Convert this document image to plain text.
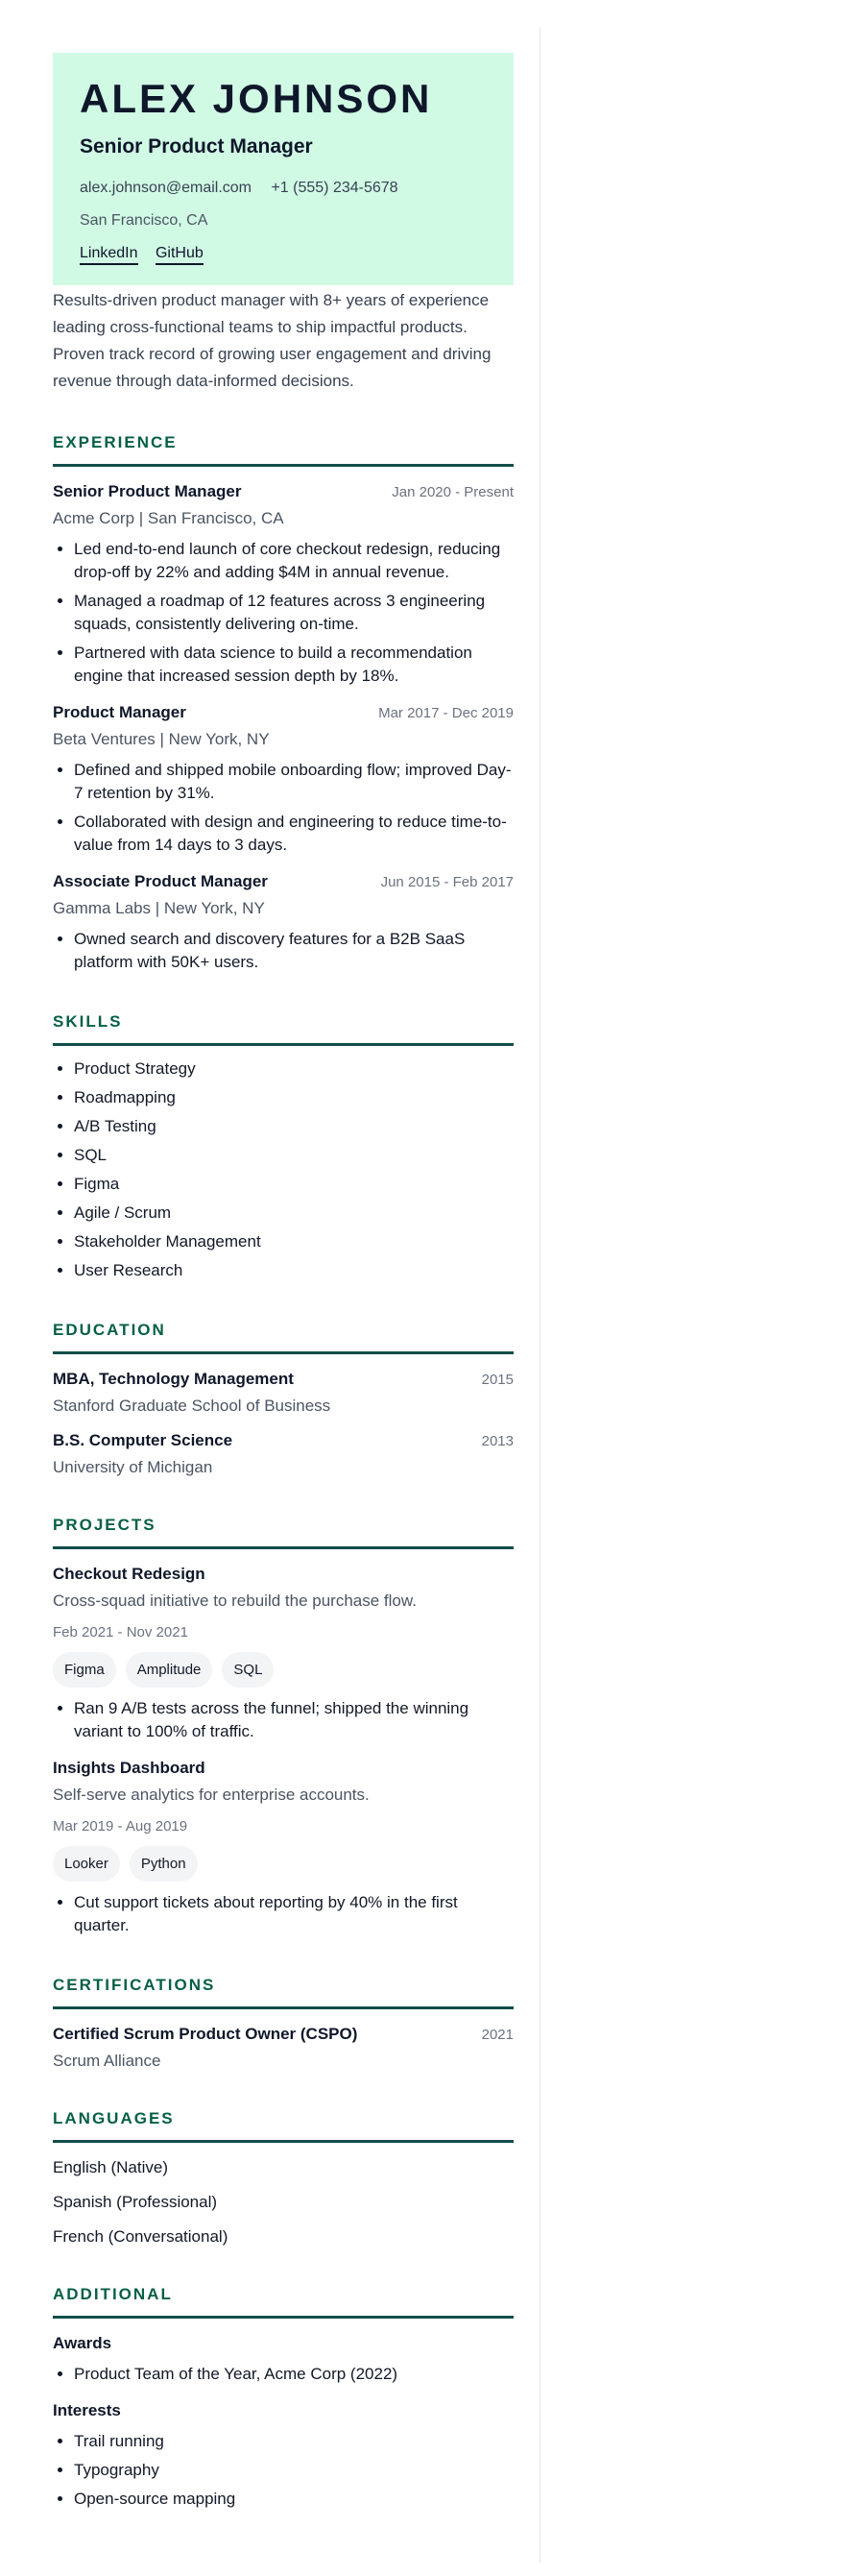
ALEX JOHNSON
Senior Product Manager
alex.johnson@email.com +1 (555) 234-5678
San Francisco, CA
LinkedIn GitHub

Results-driven product manager with 8+ years of experience leading cross-functional teams to ship impactful products. Proven track record of growing user engagement and driving revenue through data-informed decisions.

EXPERIENCE
Senior Product Manager	Jan 2020 - Present
Acme Corp | San Francisco, CA
• Led end-to-end launch of core checkout redesign, reducing drop-off by 22% and adding $4M in annual revenue.
• Managed a roadmap of 12 features across 3 engineering squads, consistently delivering on-time.
• Partnered with data science to build a recommendation engine that increased session depth by 18%.
Product Manager	Mar 2017 - Dec 2019
Beta Ventures | New York, NY
• Defined and shipped mobile onboarding flow; improved Day-7 retention by 31%.
• Collaborated with design and engineering to reduce time-to-value from 14 days to 3 days.
Associate Product Manager	Jun 2015 - Feb 2017
Gamma Labs | New York, NY
• Owned search and discovery features for a B2B SaaS platform with 50K+ users.
SKILLS
• Product Strategy
• Roadmapping
• A/B Testing
• SQL
• Figma
• Agile / Scrum
• Stakeholder Management
• User Research
EDUCATION
MBA, Technology Management	2015
Stanford Graduate School of Business
B.S. Computer Science	2013
University of Michigan
PROJECTS
Checkout Redesign
Cross-squad initiative to rebuild the purchase flow.
Feb 2021 - Nov 2021
Figma	Amplitude	SQL
• Ran 9 A/B tests across the funnel; shipped the winning variant to 100% of traffic.
Insights Dashboard
Self-serve analytics for enterprise accounts.
Mar 2019 - Aug 2019
Looker	Python
• Cut support tickets about reporting by 40% in the first quarter.
CERTIFICATIONS
Certified Scrum Product Owner (CSPO)	2021
Scrum Alliance
LANGUAGES
English (Native)
Spanish (Professional)
French (Conversational)
ADDITIONAL
Awards
• Product Team of the Year, Acme Corp (2022)
Interests
• Trail running
• Typography
• Open-source mapping
